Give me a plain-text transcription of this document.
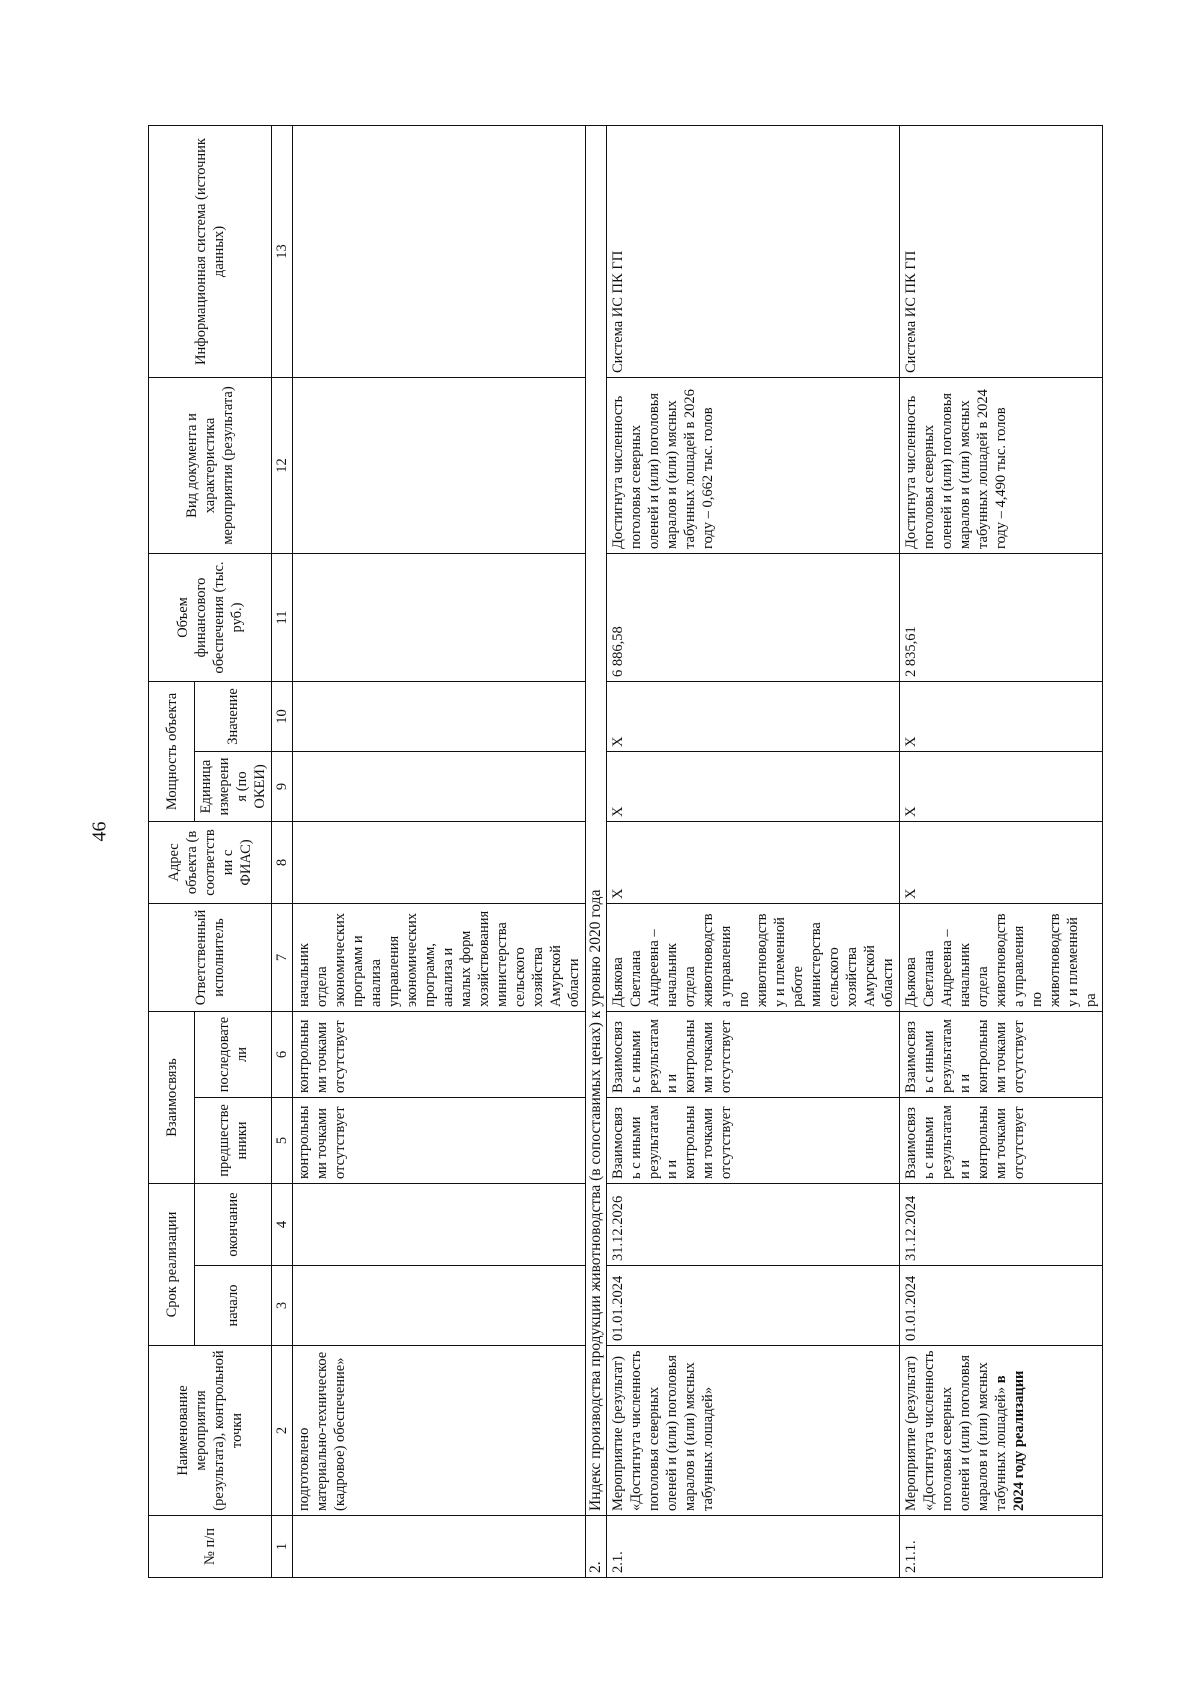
46
№ п/п	Наименование мероприятия (результата), контрольной точки	Срок реализации		Взаимосвязь		Ответственный исполнитель	Адрес объекта (в соответствии с ФИАС)	Мощность объекта		Объем финансового обеспечения (тыс. руб.)	Вид документа и характеристика мероприятия (результата)	Информационная система (источник данных)
		начало	окончание	предшественники	последователи			Единица измерения (по ОКЕИ)	Значение			
1	2	3	4	5	6	7	8	9	10	11	12	13
	подготовлено материально-техническое (кадровое) обеспечение»			контрольными точками отсутствует	контрольными точками отсутствует	начальник отдела экономических программ и анализа управления экономических программ, анализа и малых форм хозяйствования министерства сельского хозяйства Амурской области						
2.	Индекс производства продукции животноводства (в сопоставимых ценах) к уровню 2020 года											
2.1.	Мероприятие (результат) «Достигнута численность поголовья северных оленей и (или) поголовья маралов и (или) мясных табунных лошадей»	01.01.2024	31.12.2026	Взаимосвязь с иными результатами и контрольными точками отсутствует	Взаимосвязь с иными результатами и контрольными точками отсутствует	Дьякова Светлана Андреевна – начальник отдела животноводства управления по животноводству и племенной работе министерства сельского хозяйства Амурской области	Х	Х	Х	6 886,58	Достигнута численность поголовья северных оленей и (или) поголовья маралов и (или) мясных табунных лошадей в 2026 году – 0,662 тыс. голов	Система ИС ПК ГП
2.1.1.	Мероприятие (результат) «Достигнута численность поголовья северных оленей и (или) поголовья маралов и (или) мясных табунных лошадей» в 2024 году реализации	01.01.2024	31.12.2024	Взаимосвязь с иными результатами и контрольными точками отсутствует	Взаимосвязь с иными результатами и контрольными точками отсутствует	Дьякова Светлана Андреевна – начальник отдела животноводства управления по животноводству и племенной ра	Х	Х	Х	2 835,61	Достигнута численность поголовья северных оленей и (или) поголовья маралов и (или) мясных табунных лошадей в 2024 году – 4,490 тыс. голов	Система ИС ПК ГП
